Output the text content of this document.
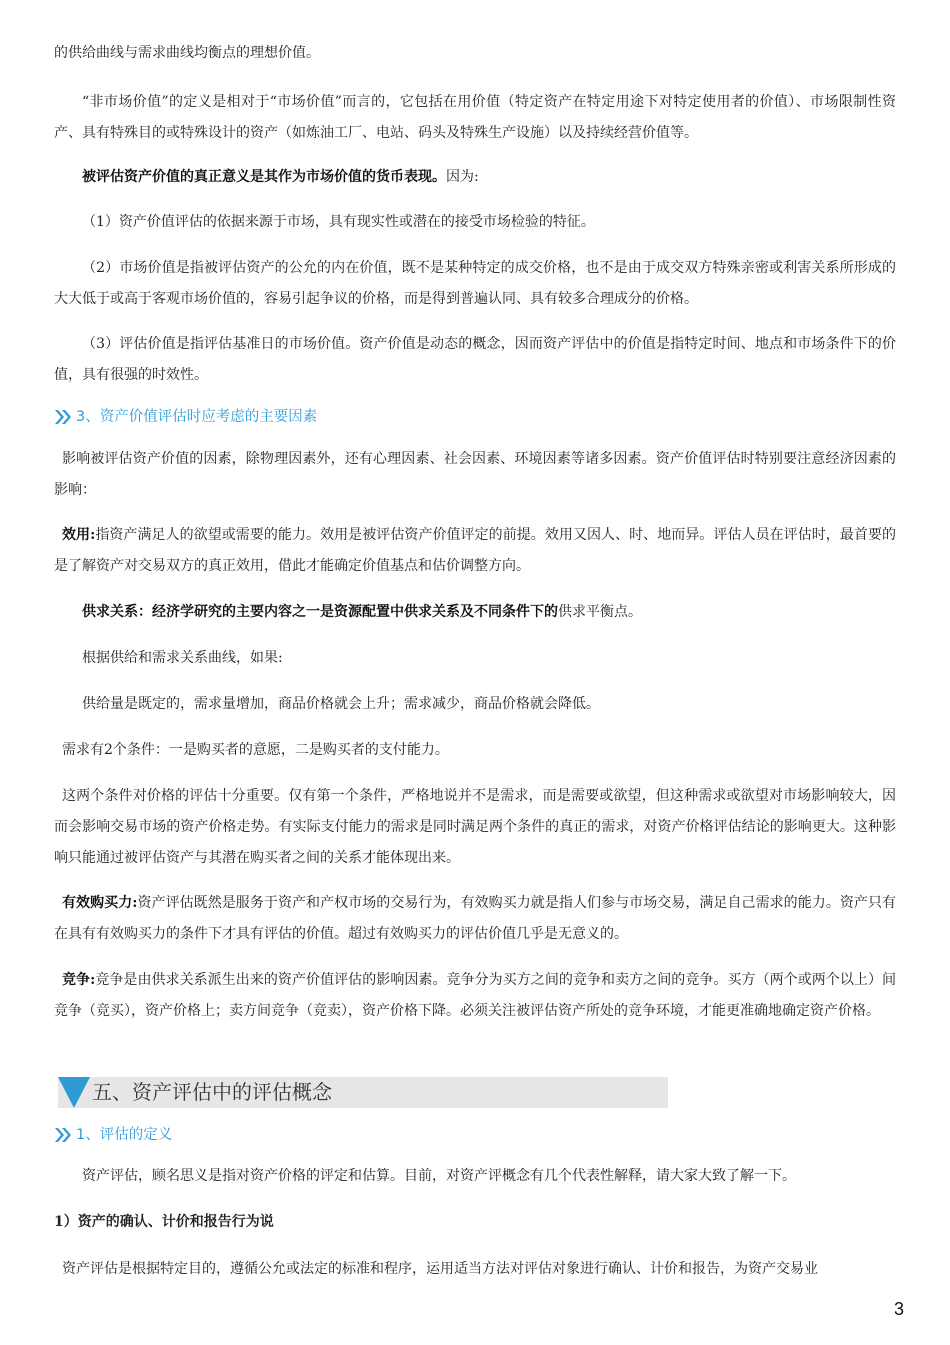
的供给曲线与需求曲线均衡点的理想价值。

“非市场价值”的定义是相对于“市场价值”而言的，它包括在用价值（特定资产在特定用途下对特定使用者的价值）、市场限制性资产、具有特殊目的或特殊设计的资产（如炼油工厂、电站、码头及特殊生产设施）以及持续经营价值等。

被评估资产价值的真正意义是其作为市场价值的货币表现。因为:

（1）资产价值评估的依据来源于市场，具有现实性或潜在的接受市场检验的特征。

（2）市场价值是指被评估资产的公允的内在价值，既不是某种特定的成交价格，也不是由于成交双方特殊亲密或利害关系所形成的大大低于或高于客观市场价值的，容易引起争议的价格，而是得到普遍认同、具有较多合理成分的价格。

（3）评估价值是指评估基准日的市场价值。资产价值是动态的概念，因而资产评估中的价值是指特定时间、地点和市场条件下的价值，具有很强的时效性。

3、资产价值评估时应考虑的主要因素

影响被评估资产价值的因素，除物理因素外，还有心理因素、社会因素、环境因素等诸多因素。资产价值评估时特别要注意经济因素的影响：

效用:指资产满足人的欲望或需要的能力。效用是被评估资产价值评定的前提。效用又因人、时、地而异。评估人员在评估时，最首要的是了解资产对交易双方的真正效用，借此才能确定价值基点和估价调整方向。

供求关系：经济学研究的主要内容之一是资源配置中供求关系及不同条件下的供求平衡点。

根据供给和需求关系曲线，如果:

供给量是既定的，需求量增加，商品价格就会上升；需求减少，商品价格就会降低。

需求有2个条件：一是购买者的意愿，二是购买者的支付能力。

这两个条件对价格的评估十分重要。仅有第一个条件，严格地说并不是需求，而是需要或欲望，但这种需求或欲望对市场影响较大，因而会影响交易市场的资产价格走势。有实际支付能力的需求是同时满足两个条件的真正的需求，对资产价格评估结论的影响更大。这种影响只能通过被评估资产与其潜在购买者之间的关系才能体现出来。

有效购买力:资产评估既然是服务于资产和产权市场的交易行为，有效购买力就是指人们参与市场交易，满足自己需求的能力。资产只有在具有有效购买力的条件下才具有评估的价值。超过有效购买力的评估价值几乎是无意义的。

竞争:竞争是由供求关系派生出来的资产价值评估的影响因素。竞争分为买方之间的竞争和卖方之间的竞争。买方（两个或两个以上）间竞争（竞买），资产价格上；卖方间竞争（竞卖），资产价格下降。必须关注被评估资产所处的竞争环境，才能更准确地确定资产价格。

五、资产评估中的评估概念
1、评估的定义

资产评估，顾名思义是指对资产价格的评定和估算。目前，对资产评概念有几个代表性解释，请大家大致了解一下。

1）资产的确认、计价和报告行为说

资产评估是根据特定目的，遵循公允或法定的标准和程序，运用适当方法对评估对象进行确认、计价和报告，为资产交易业

3
